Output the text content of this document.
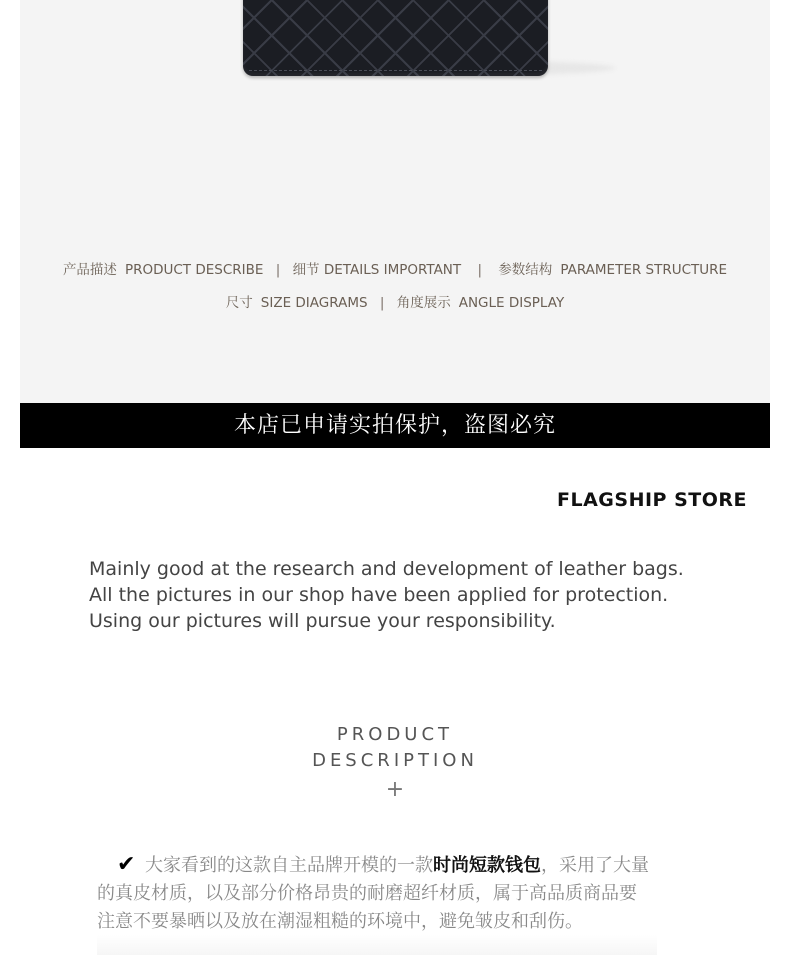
产品描述 PRODUCT DESCRIBE | 细节 DETAILS IMPORTANT | 参数结构 PARAMETER STRUCTURE
尺寸 SIZE DIAGRAMS | 角度展示 ANGLE DISPLAY
本店已申请实拍保护，盗图必究
FLAGSHIP STORE
Mainly good at the research and development of leather bags.
All the pictures in our shop have been applied for protection.
Using our pictures will pursue your responsibility.
PRODUCT
DESCRIPTION
+
✔ 大家看到的这款自主品牌开模的一款时尚短款钱包，采用了大量
的真皮材质，以及部分价格昂贵的耐磨超纤材质，属于高品质商品要
注意不要暴晒以及放在潮湿粗糙的环境中，避免皱皮和刮伤。
